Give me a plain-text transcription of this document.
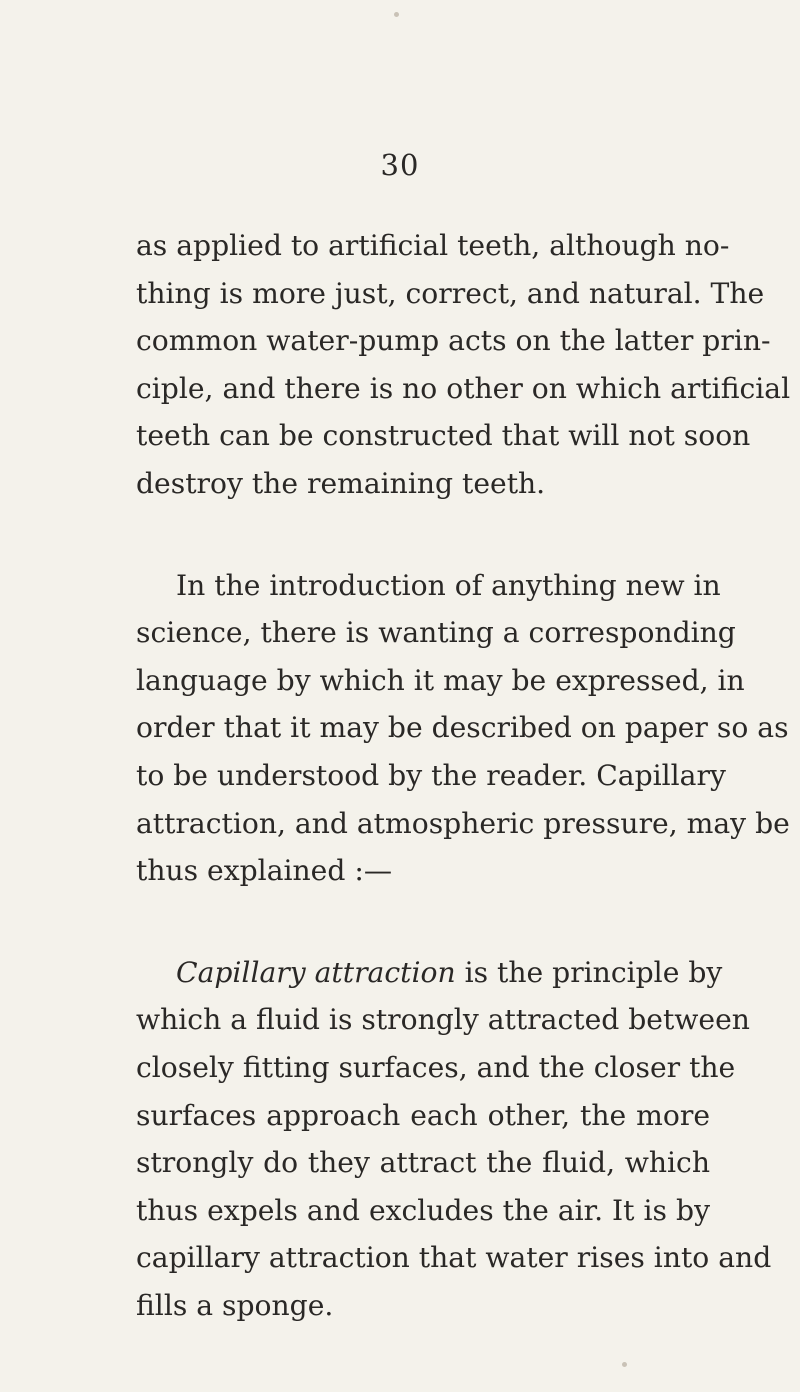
30
as applied to artificial teeth, although no-
thing is more just, correct, and natural. The
common water-pump acts on the latter prin-
ciple, and there is no other on which artificial
teeth can be constructed that will not soon
destroy the remaining teeth.
In the introduction of anything new in
science, there is wanting a corresponding
language by which it may be expressed, in
order that it may be described on paper so as
to be understood by the reader. Capillary
attraction, and atmospheric pressure, may be
thus explained :—
Capillary attraction is the principle by
which a fluid is strongly attracted between
closely fitting surfaces, and the closer the
surfaces approach each other, the more
strongly do they attract the fluid, which
thus expels and excludes the air. It is by
capillary attraction that water rises into and
fills a sponge.
